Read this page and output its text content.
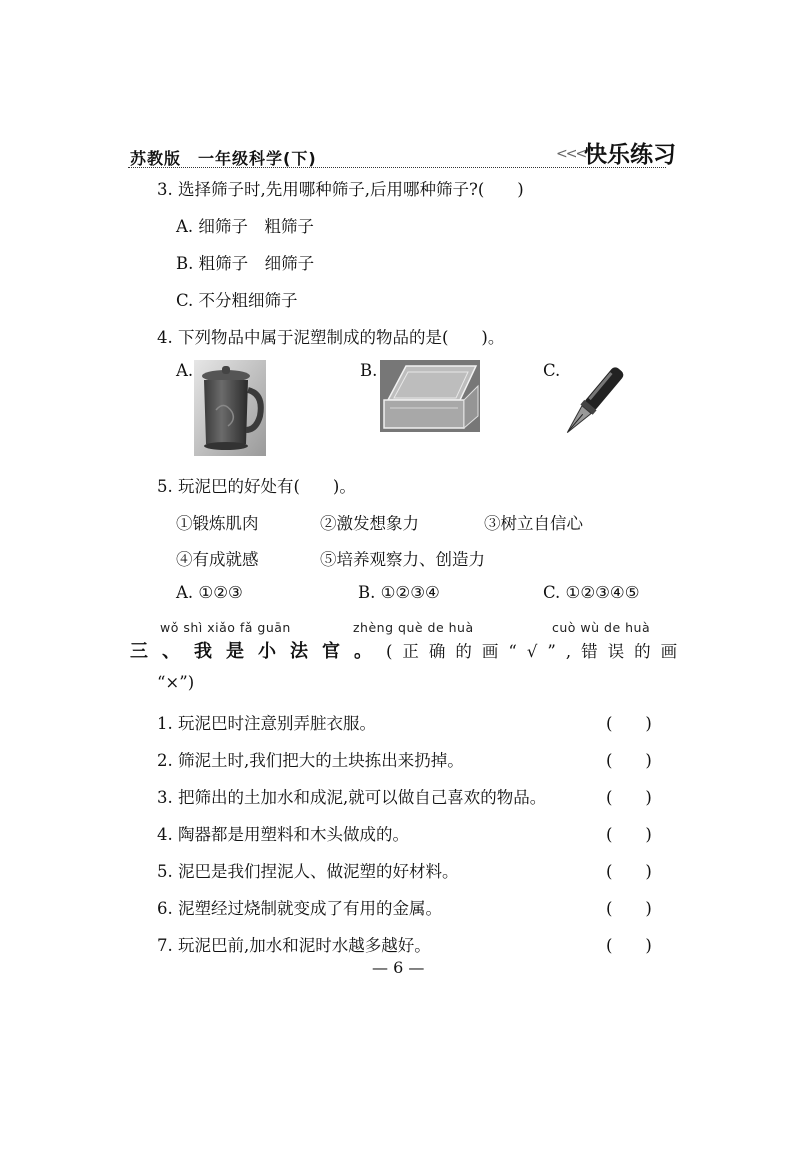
苏教版　一年级科学(下)	<<<
快乐练习
3. 选择筛子时,先用哪种筛子,后用哪种筛子?(　　)
A. 细筛子　粗筛子
B. 粗筛子　细筛子
C. 不分粗细筛子
4. 下列物品中属于泥塑制成的物品的是(　　)。
A.	B.	C.
5. 玩泥巴的好处有(　　)。
①锻炼肌肉	②激发想象力	③树立自信心
④有成就感	⑤培养观察力、创造力
A. ①②③	B. ①②③④	C. ①②③④⑤
wǒ shì xiǎo fǎ guān	zhèng què de huà	cuò wù de huà
三、我是小法官。(正确的画“√”,错误的画
“×”)
1. 玩泥巴时注意别弄脏衣服。	(　　)
2. 筛泥土时,我们把大的土块拣出来扔掉。	(　　)
3. 把筛出的土加水和成泥,就可以做自己喜欢的物品。	(　　)
4. 陶器都是用塑料和木头做成的。	(　　)
5. 泥巴是我们捏泥人、做泥塑的好材料。	(　　)
6. 泥塑经过烧制就变成了有用的金属。	(　　)
7. 玩泥巴前,加水和泥时水越多越好。	(　　)
— 6 —
